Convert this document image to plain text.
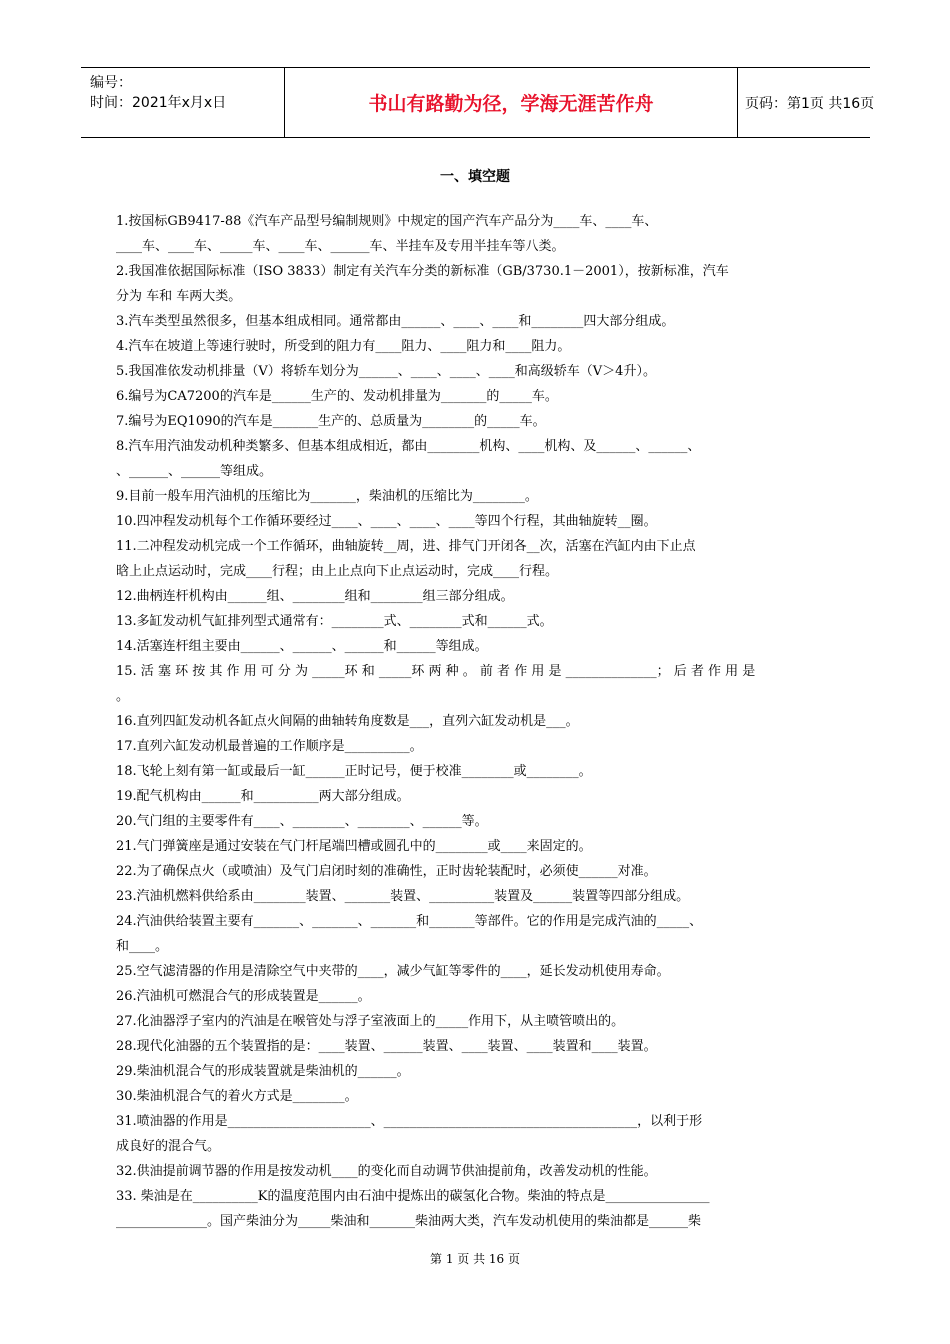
编号：
时间：2021年x月x日	书山有路勤为径，学海无涯苦作舟	页码：第1页 共16页
一、填空题
1.按国标GB9417-88《汽车产品型号编制规则》中规定的国产汽车产品分为____车、____车、
____车、____车、_____车、____车、______车、半挂车及专用半挂车等八类。
2.我国准依据国际标准（ISO 3833）制定有关汽车分类的新标准（GB/3730.1－2001），按新标准，汽车
分为 车和 车两大类。
3.汽车类型虽然很多，但基本组成相同。通常都由______、____、____和________四大部分组成。
4.汽车在坡道上等速行驶时，所受到的阻力有____阻力、____阻力和____阻力。
5.我国准依发动机排量（V）将轿车划分为______、____、____、____和高级轿车（V＞4升）。
6.编号为CA7200的汽车是______生产的、发动机排量为_______的_____车。
7.编号为EQ1090的汽车是_______生产的、总质量为________的_____车。
8.汽车用汽油发动机种类繁多、但基本组成相近，都由________机构、____机构、及______、______、
、______、______等组成。
9.目前一般车用汽油机的压缩比为_______，柴油机的压缩比为________。
10.四冲程发动机每个工作循环要经过____、____、____、____等四个行程，其曲轴旋转__圈。
11.二冲程发动机完成一个工作循环，曲轴旋转__周，进、排气门开闭各__次，活塞在汽缸内由下止点
晗上止点运动时，完成____行程；由上止点向下止点运动时，完成____行程。
12.曲柄连杆机构由______组、________组和________组三部分组成。
13.多缸发动机气缸排列型式通常有：________式、________式和______式。
14.活塞连杆组主要由______、______、______和______等组成。
15. 活 塞 环 按 其 作 用 可 分 为 _____环 和 _____环 两 种 。 前 者 作 用 是 ______________； 后 者 作 用 是
。
16.直列四缸发动机各缸点火间隔的曲轴转角度数是___，直列六缸发动机是___。
17.直列六缸发动机最普遍的工作顺序是__________。
18.飞轮上刻有第一缸或最后一缸______正时记号，便于校准________或________。
19.配气机构由______和__________两大部分组成。
20.气门组的主要零件有____、________、________、______等。
21.气门弹簧座是通过安装在气门杆尾端凹槽或圆孔中的________或____来固定的。
22.为了确保点火（或喷油）及气门启闭时刻的准确性，正时齿轮装配时，必须使______对准。
23.汽油机燃料供给系由________装置、_______装置、__________装置及______装置等四部分组成。
24.汽油供给装置主要有_______、_______、_______和_______等部件。它的作用是完成汽油的_____、
和____。
25.空气滤清器的作用是清除空气中夹带的____，减少气缸等零件的____，延长发动机使用寿命。
26.汽油机可燃混合气的形成装置是______。
27.化油器浮子室内的汽油是在喉管处与浮子室液面上的_____作用下，从主喷管喷出的。
28.现代化油器的五个装置指的是：____装置、______装置、____装置、____装置和____装置。
29.柴油机混合气的形成装置就是柴油机的______。
30.柴油机混合气的着火方式是________。
31.喷油器的作用是______________________、_______________________________________，以利于形
成良好的混合气。
32.供油提前调节器的作用是按发动机____的变化而自动调节供油提前角，改善发动机的性能。
33. 柴油是在__________K的温度范围内由石油中提炼出的碳氢化合物。柴油的特点是________________
______________。国产柴油分为_____柴油和_______柴油两大类，汽车发动机使用的柴油都是______柴
第 1 页 共 16 页
